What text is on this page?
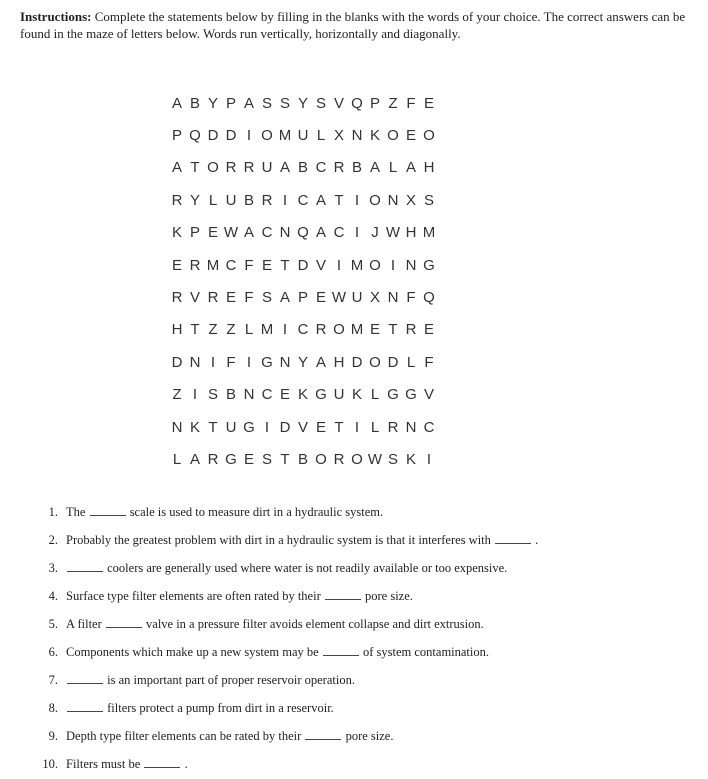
Instructions: Complete the statements below by filling in the blanks with the words of your choice. The correct answers can be found in the maze of letters below. Words run vertically, horizontally and diagonally.

A B Y P A S S Y S V Q P Z F E
P Q D D I O M U L X N K O E O
A T O R R U A B C R B A L A H
R Y L U B R I C A T I O N X S
K P E W A C N Q A C I J W H M
E R M C F E T D V I M O I N G
R V R E F S A P E W U X N F Q
H T Z Z L M I C R O M E T R E
D N I F I G N Y A H D O D L F
Z I S B N C E K G U K L G G V
N K T U G I D V E T I L R N C
L A R G E S T B O R O W S K I
1. The	scale is used to measure dirt in a hydraulic system.
2. Probably the greatest problem with dirt in a hydraulic system is that it interferes with	.
3.	coolers are generally used where water is not readily available or too expensive.
4. Surface type filter elements are often rated by their	pore size.
5. A filter	valve in a pressure filter avoids element collapse and dirt extrusion.
6. Components which make up a new system may be	of system contamination.
7.	is an important part of proper reservoir operation.
8.	filters protect a pump from dirt in a reservoir.
9. Depth type filter elements can be rated by their	pore size.
10. Filters must be	.
